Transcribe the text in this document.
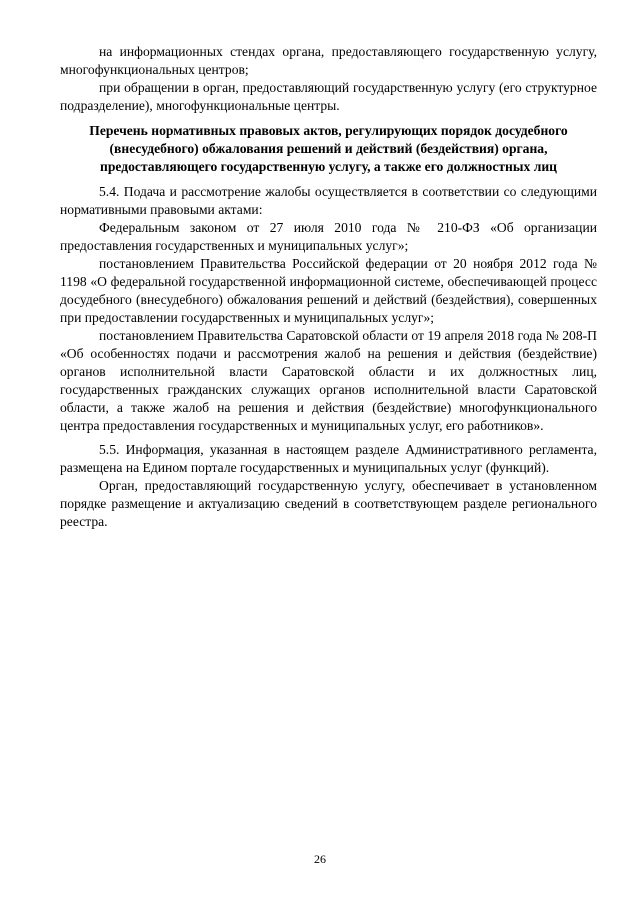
на информационных стендах органа, предоставляющего государственную услугу, многофункциональных центров;

при обращении в орган, предоставляющий государственную услугу (его структурное подразделение), многофункциональные центры.

Перечень нормативных правовых актов, регулирующих порядок досудебного (внесудебного) обжалования решений и действий (бездействия) органа, предоставляющего государственную услугу, а также его должностных лиц

5.4. Подача и рассмотрение жалобы осуществляется в соответствии со следующими нормативными правовыми актами:

Федеральным законом от 27 июля 2010 года № 210-ФЗ «Об организации предоставления государственных и муниципальных услуг»;

постановлением Правительства Российской федерации от 20 ноября 2012 года № 1198 «О федеральной государственной информационной системе, обеспечивающей процесс досудебного (внесудебного) обжалования решений и действий (бездействия), совершенных при предоставлении государственных и муниципальных услуг»;

постановлением Правительства Саратовской области от 19 апреля 2018 года № 208-П «Об особенностях подачи и рассмотрения жалоб на решения и действия (бездействие) органов исполнительной власти Саратовской области и их должностных лиц, государственных гражданских служащих органов исполнительной власти Саратовской области, а также жалоб на решения и действия (бездействие) многофункционального центра предоставления государственных и муниципальных услуг, его работников».

5.5. Информация, указанная в настоящем разделе Административного регламента, размещена на Едином портале государственных и муниципальных услуг (функций).

Орган, предоставляющий государственную услугу, обеспечивает в установленном порядке размещение и актуализацию сведений в соответствующем разделе регионального реестра.

26
